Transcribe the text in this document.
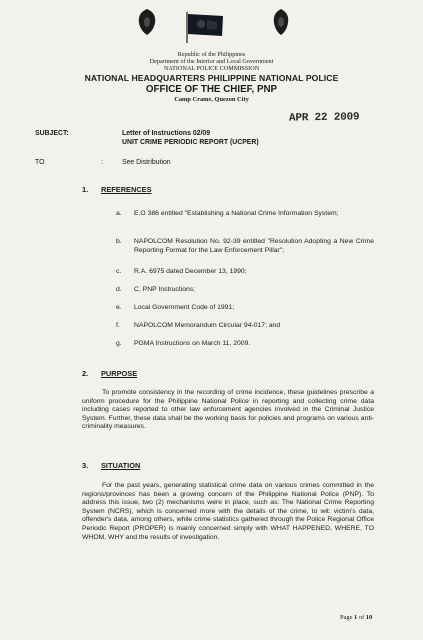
Republic of the Philippines
Department of the Interior and Local Government
NATIONAL POLICE COMMISSION
NATIONAL HEADQUARTERS PHILIPPINE NATIONAL POLICE
OFFICE OF THE CHIEF, PNP
Camp Crame, Quezon City
APR 22 2009
SUBJECT:	Letter of Instructions 02/09
UNIT CRIME PERIODIC REPORT (UCPER)
TO	:	See Distribution
1. REFERENCES
a. E.O 386 entitled "Establishing a National Crime Information System;
b. NAPOLCOM Resolution No. 92-39 entitled "Resolution Adopting a New Crime Reporting Format for the Law Enforcement Pillar";
c. R.A. 6975 dated December 13, 1990;
d. C, PNP Instructions;
e. Local Government Code of 1991;
f. NAPOLCOM Memorandum Circular 94-017; and
g. PGMA Instructions on March 11, 2009.
2. PURPOSE
To promote consistency in the recording of crime incidence, these guidelines prescribe a uniform procedure for the Philippine National Police in reporting and collecting crime data including cases reported to other law enforcement agencies involved in the Criminal Justice System. Further, these data shall be the working basis for policies and programs on various anti-criminality measures.
3. SITUATION
For the past years, generating statistical crime data on various crimes committed in the regions/provinces has been a growing concern of the Philippine National Police (PNP). To address this issue, two (2) mechanisms were in place, such as: The National Crime Reporting System (NCRS), which is concerned more with the details of the crime, to wit: victim's data, offender's data, among others, while crime statistics gathered through the Police Regional Office Periodic Report (PROPER) is mainly concerned simply with WHAT HAPPENED, WHERE, TO WHOM, WHY and the results of investigation.
Page 1 of 10
